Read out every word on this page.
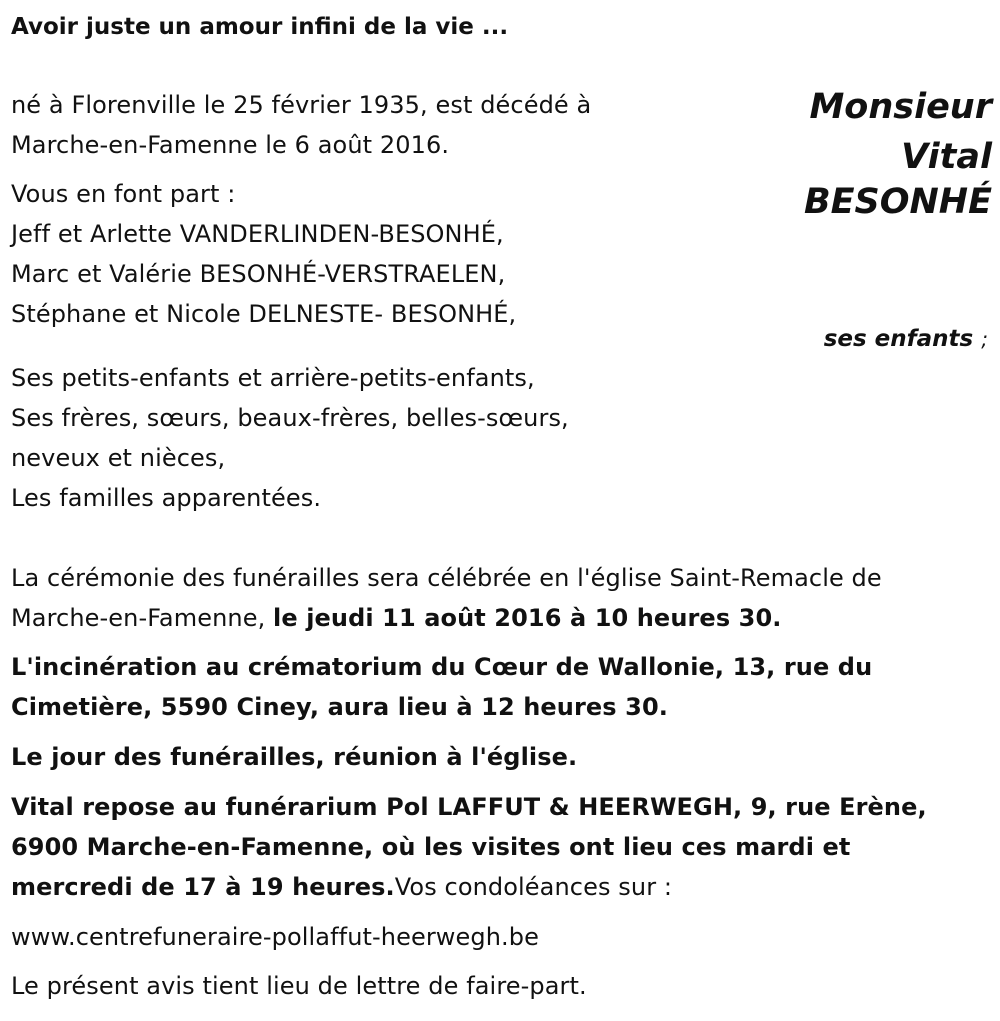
Avoir juste un amour infini de la vie ...
Monsieur
Vital
BESONHÉ
né à Florenville le 25 février 1935, est décédé à
Marche-en-Famenne le 6 août 2016.
Vous en font part :
Jeff et Arlette VANDERLINDEN-BESONHÉ,
Marc et Valérie BESONHÉ-VERSTRAELEN,
Stéphane et Nicole DELNESTE- BESONHÉ,
ses enfants ;
Ses petits-enfants et arrière-petits-enfants,
Ses frères, sœurs, beaux-frères, belles-sœurs,
neveux et nièces,
Les familles apparentées.
La cérémonie des funérailles sera célébrée en l'église Saint-Remacle de
Marche-en-Famenne, le jeudi 11 août 2016 à 10 heures 30.
L'incinération au crématorium du Cœur de Wallonie, 13, rue du
Cimetière, 5590 Ciney, aura lieu à 12 heures 30.
Le jour des funérailles, réunion à l'église.
Vital repose au funérarium Pol LAFFUT & HEERWEGH, 9, rue Erène,
6900 Marche-en-Famenne, où les visites ont lieu ces mardi et
mercredi de 17 à 19 heures.Vos condoléances sur :
www.centrefuneraire-pollaffut-heerwegh.be
Le présent avis tient lieu de lettre de faire-part.
